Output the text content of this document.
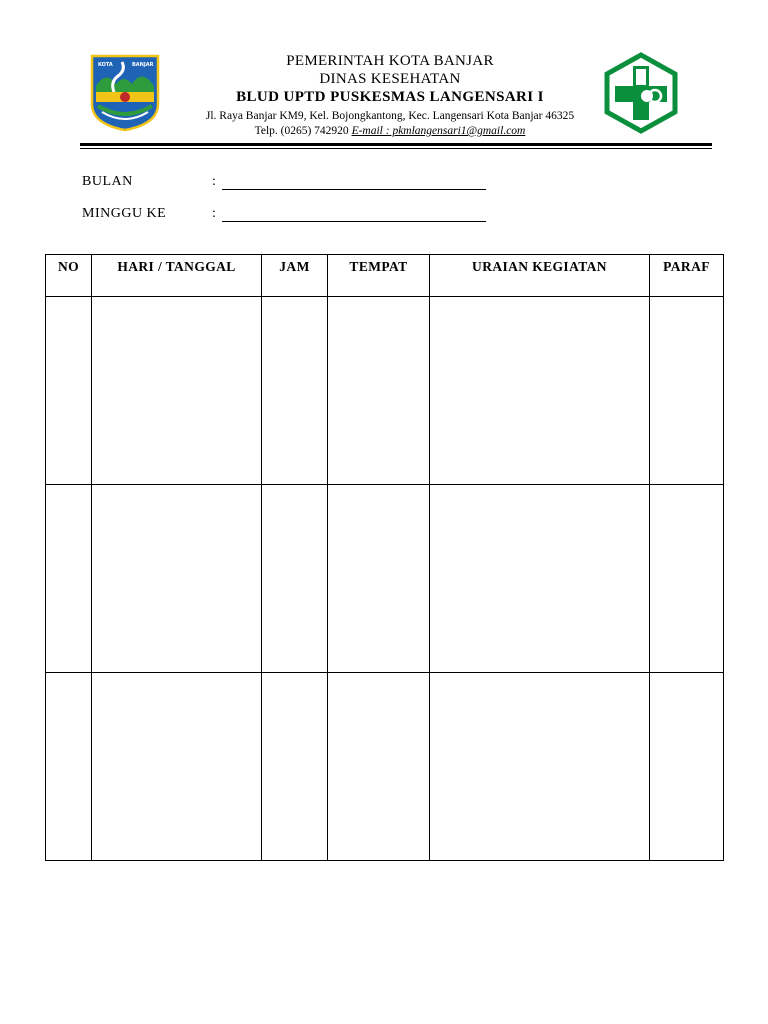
KOTA	BANJAR	PEMERINTAH KOTA BANJAR
DINAS KESEHATAN
BLUD UPTD PUSKESMAS LANGENSARI I
Jl. Raya Banjar KM9, Kel. Bojongkantong, Kec. Langensari Kota Banjar 46325
Telp. (0265) 742920 E-mail : pkmlangensari1@gmail.com
BULAN	:
MINGGU KE	:
NO	HARI / TANGGAL	JAM	TEMPAT	URAIAN KEGIATAN	PARAF
